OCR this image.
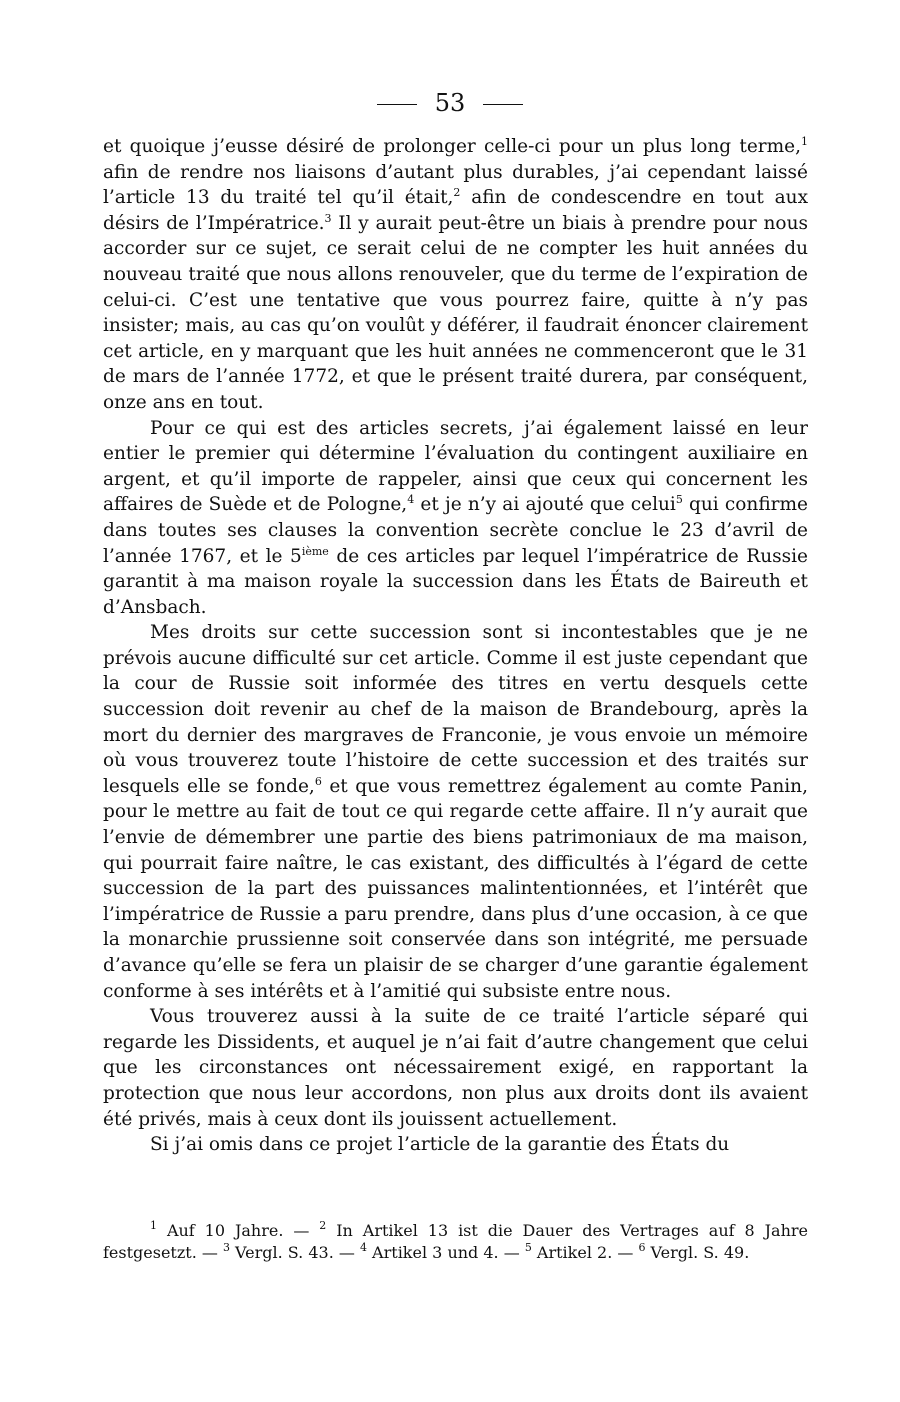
53

et quoique j’eusse désiré de prolonger celle-ci pour un plus long terme,$^1$ afin de rendre nos liaisons d’autant plus durables, j’ai cependant laissé l’article 13 du traité tel qu’il était,$^2$ afin de condescendre en tout aux désirs de l’Impératrice.$^3$ Il y aurait peut-être un biais à prendre pour nous accorder sur ce sujet, ce serait celui de ne compter les huit années du nouveau traité que nous allons renouveler, que du terme de l’expiration de celui-ci. C’est une tentative que vous pourrez faire, quitte à n’y pas insister; mais, au cas qu’on voulût y déférer, il faudrait énoncer clairement cet article, en y marquant que les huit années ne commenceront que le 31 de mars de l’année 1772, et que le présent traité durera, par conséquent, onze ans en tout.

Pour ce qui est des articles secrets, j’ai également laissé en leur entier le premier qui détermine l’évaluation du contingent auxiliaire en argent, et qu’il importe de rappeler, ainsi que ceux qui concernent les affaires de Suède et de Pologne,$^4$ et je n’y ai ajouté que celui$^5$ qui confirme dans toutes ses clauses la convention secrète conclue le 23 d’avril de l’année 1767, et le 5ième de ces articles par lequel l’impératrice de Russie garantit à ma maison royale la succession dans les États de Baireuth et d’Ansbach.

Mes droits sur cette succession sont si incontestables que je ne prévois aucune difficulté sur cet article. Comme il est juste cependant que la cour de Russie soit informée des titres en vertu desquels cette succession doit revenir au chef de la maison de Brandebourg, après la mort du dernier des margraves de Franconie, je vous envoie un mémoire où vous trouverez toute l’histoire de cette succession et des traités sur lesquels elle se fonde,$^6$ et que vous remettrez également au comte Panin, pour le mettre au fait de tout ce qui regarde cette affaire. Il n’y aurait que l’envie de démembrer une partie des biens patrimoniaux de ma maison, qui pourrait faire naître, le cas existant, des difficultés à l’égard de cette succession de la part des puissances malintentionnées, et l’intérêt que l’impératrice de Russie a paru prendre, dans plus d’une occasion, à ce que la monarchie prussienne soit conservée dans son intégrité, me persuade d’avance qu’elle se fera un plaisir de se charger d’une garantie également conforme à ses intérêts et à l’amitié qui subsiste entre nous.

Vous trouverez aussi à la suite de ce traité l’article séparé qui regarde les Dissidents, et auquel je n’ai fait d’autre changement que celui que les circonstances ont nécessairement exigé, en rapportant la protection que nous leur accordons, non plus aux droits dont ils avaient été privés, mais à ceux dont ils jouissent actuellement.

Si j’ai omis dans ce projet l’article de la garantie des États du

$^1$ Auf 10 Jahre. — $^2$ In Artikel 13 ist die Dauer des Vertrages auf 8 Jahre festgesetzt. — $^3$ Vergl. S. 43. — $^4$ Artikel 3 und 4. — $^5$ Artikel 2. — $^6$ Vergl. S. 49.
